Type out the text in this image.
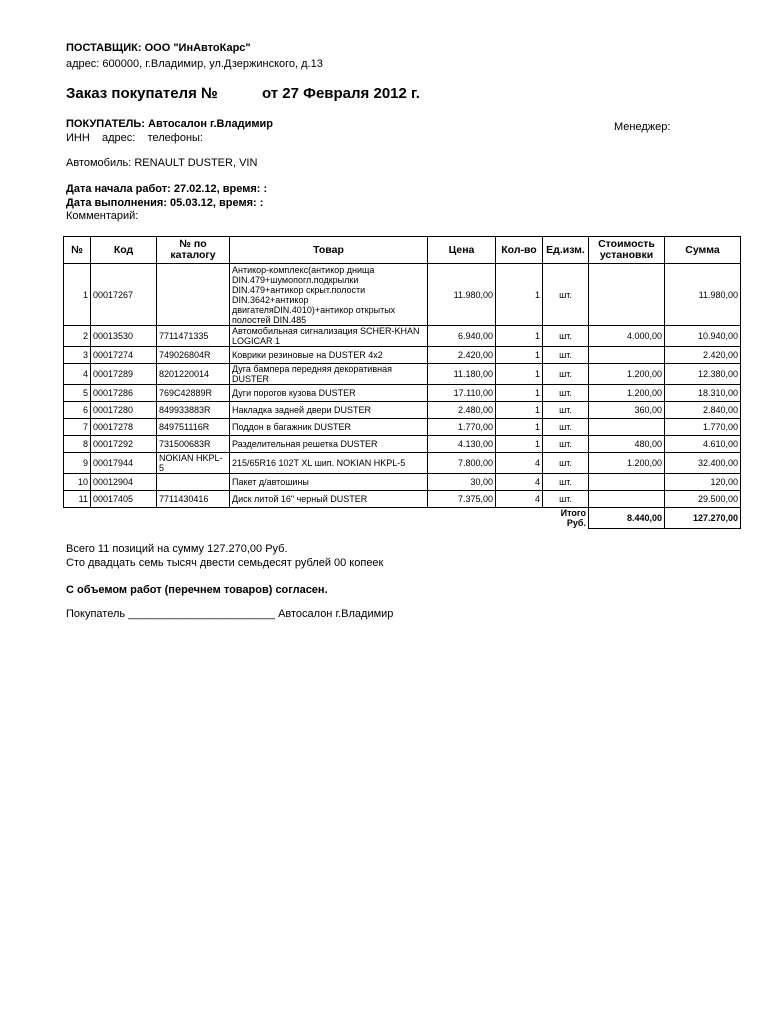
ПОСТАВЩИК: ООО "ИнАвтоКарс"
адрес: 600000, г.Владимир, ул.Дзержинского, д.13
Заказ покупателя №	от 27 Февраля 2012 г.
ПОКУПАТЕЛЬ: Автосалон г.Владимир	Менеджер:
ИНН    адрес:    телефоны:
Автомобиль: RENAULT DUSTER, VIN
Дата начала работ: 27.02.12, время: :
Дата выполнения: 05.03.12, время: :
Комментарий:
№	Код	№ по каталогу	Товар	Цена	Кол-во	Ед.изм.	Стоимость установки	Сумма
1	00017267		Антикор-комплекс(антикор днища DIN.479+шумопогл.подкрылки DIN.479+антикор скрыт.полости DIN.3642+антикор двигателяDIN.4010)+антикор открытых полостей DIN.485	11.980,00	1	шт.		11.980,00
2	00013530	7711471335	Автомобильная сигнализация SCHER-KHAN LOGICAR 1	6.940,00	1	шт.	4.000,00	10.940,00
3	00017274	749026804R	Коврики резиновые на DUSTER 4x2	2.420,00	1	шт.		2.420,00
4	00017289	8201220014	Дуга бампера передняя декоративная DUSTER	11.180,00	1	шт.	1.200,00	12.380,00
5	00017286	769C42889R	Дуги порогов кузова DUSTER	17.110,00	1	шт.	1.200,00	18.310,00
6	00017280	849933883R	Накладка задней двери DUSTER	2.480,00	1	шт.	360,00	2.840,00
7	00017278	849751116R	Поддон в багажник DUSTER	1.770,00	1	шт.		1.770,00
8	00017292	731500683R	Разделительная решетка DUSTER	4.130,00	1	шт.	480,00	4.610,00
9	00017944	NOKIAN HKPL-5	215/65R16 102T XL шип. NOKIAN HKPL-5	7.800,00	4	шт.	1.200,00	32.400,00
10	00012904		Пакет д/автошины	30,00	4	шт.		120,00
11	00017405	7711430416	Диск литой 16" черный DUSTER	7.375,00	4	шт.		29.500,00
						Итого Руб.	8.440,00	127.270,00
Всего 11 позиций на сумму 127.270,00 Руб.
Сто двадцать семь тысяч двести семьдесят рублей 00 копеек
С объемом работ (перечнем товаров) согласен.
Покупатель ________________________ Автосалон г.Владимир
